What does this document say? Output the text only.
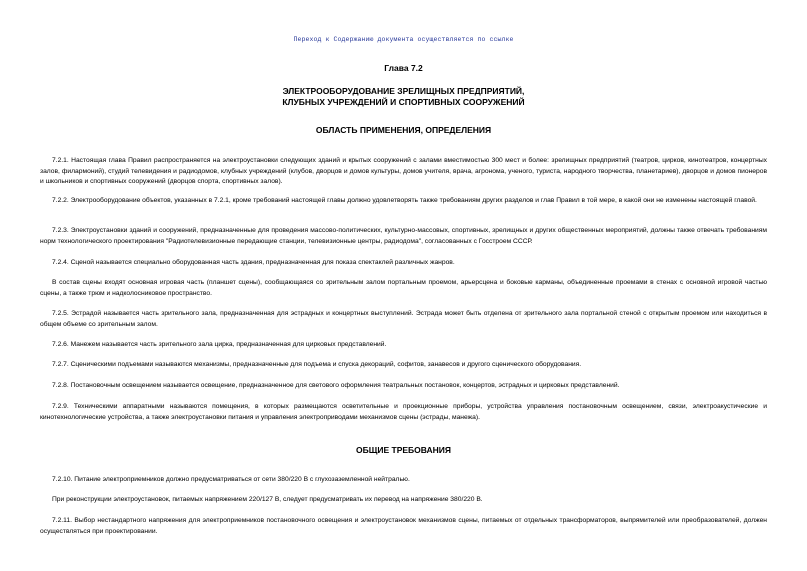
Переход к Содержанию документа осуществляется по ссылке
Глава 7.2
ЭЛЕКТРООБОРУДОВАНИЕ ЗРЕЛИЩНЫХ ПРЕДПРИЯТИЙ,
КЛУБНЫХ УЧРЕЖДЕНИЙ И СПОРТИВНЫХ СООРУЖЕНИЙ
ОБЛАСТЬ ПРИМЕНЕНИЯ, ОПРЕДЕЛЕНИЯ
7.2.1. Настоящая глава Правил распространяется на электроустановки следующих зданий и крытых сооружений с залами вместимостью 300 мест и более: зрелищных предприятий (театров, цирков, кинотеатров, концертных залов, филармоний), студий телевидения и радиодомов, клубных учреждений (клубов, дворцов и домов культуры, домов учителя, врача, агронома, ученого, туриста, народного творчества, планетариев), дворцов и домов пионеров и школьников и спортивных сооружений (дворцов спорта, спортивных залов).
7.2.2. Электрооборудование объектов, указанных в 7.2.1, кроме требований настоящей главы должно удовлетворять также требованиям других разделов и глав Правил в той мере, в какой они не изменены настоящей главой.
7.2.3. Электроустановки зданий и сооружений, предназначенные для проведения массово-политических, культурно-массовых, спортивных, зрелищных и других общественных мероприятий, должны также отвечать требованиям норм технологического проектирования "Радиотелевизионные передающие станции, телевизионные центры, радиодома", согласованных с Госстроем СССР.
7.2.4. Сценой называется специально оборудованная часть здания, предназначенная для показа спектаклей различных жанров.
В состав сцены входят основная игровая часть (планшет сцены), сообщающаяся со зрительным залом портальным проемом, арьерсцена и боковые карманы, объединенные проемами в стенах с основной игровой частью сцены, а также трюм и надколосниковое пространство.
7.2.5. Эстрадой называется часть зрительного зала, предназначенная для эстрадных и концертных выступлений. Эстрада может быть отделена от зрительного зала портальной стеной с открытым проемом или находиться в общем объеме со зрительным залом.
7.2.6. Манежем называется часть зрительного зала цирка, предназначенная для цирковых представлений.
7.2.7. Сценическими подъемами называются механизмы, предназначенные для подъема и спуска декораций, софитов, занавесов и другого сценического оборудования.
7.2.8. Постановочным освещением называется освещение, предназначенное для светового оформления театральных постановок, концертов, эстрадных и цирковых представлений.
7.2.9. Техническими аппаратными называются помещения, в которых размещаются осветительные и проекционные приборы, устройства управления постановочным освещением, связи, электроакустические и кинотехнологические устройства, а также электроустановки питания и управления электроприводами механизмов сцены (эстрады, манежа).
ОБЩИЕ ТРЕБОВАНИЯ
7.2.10. Питание электроприемников должно предусматриваться от сети 380/220 В с глухозаземленной нейтралью.
При реконструкции электроустановок, питаемых напряжением 220/127 В, следует предусматривать их перевод на напряжение 380/220 В.
7.2.11. Выбор нестандартного напряжения для электроприемников постановочного освещения и электроустановок механизмов сцены, питаемых от отдельных трансформаторов, выпрямителей или преобразователей, должен осуществляться при проектировании.
